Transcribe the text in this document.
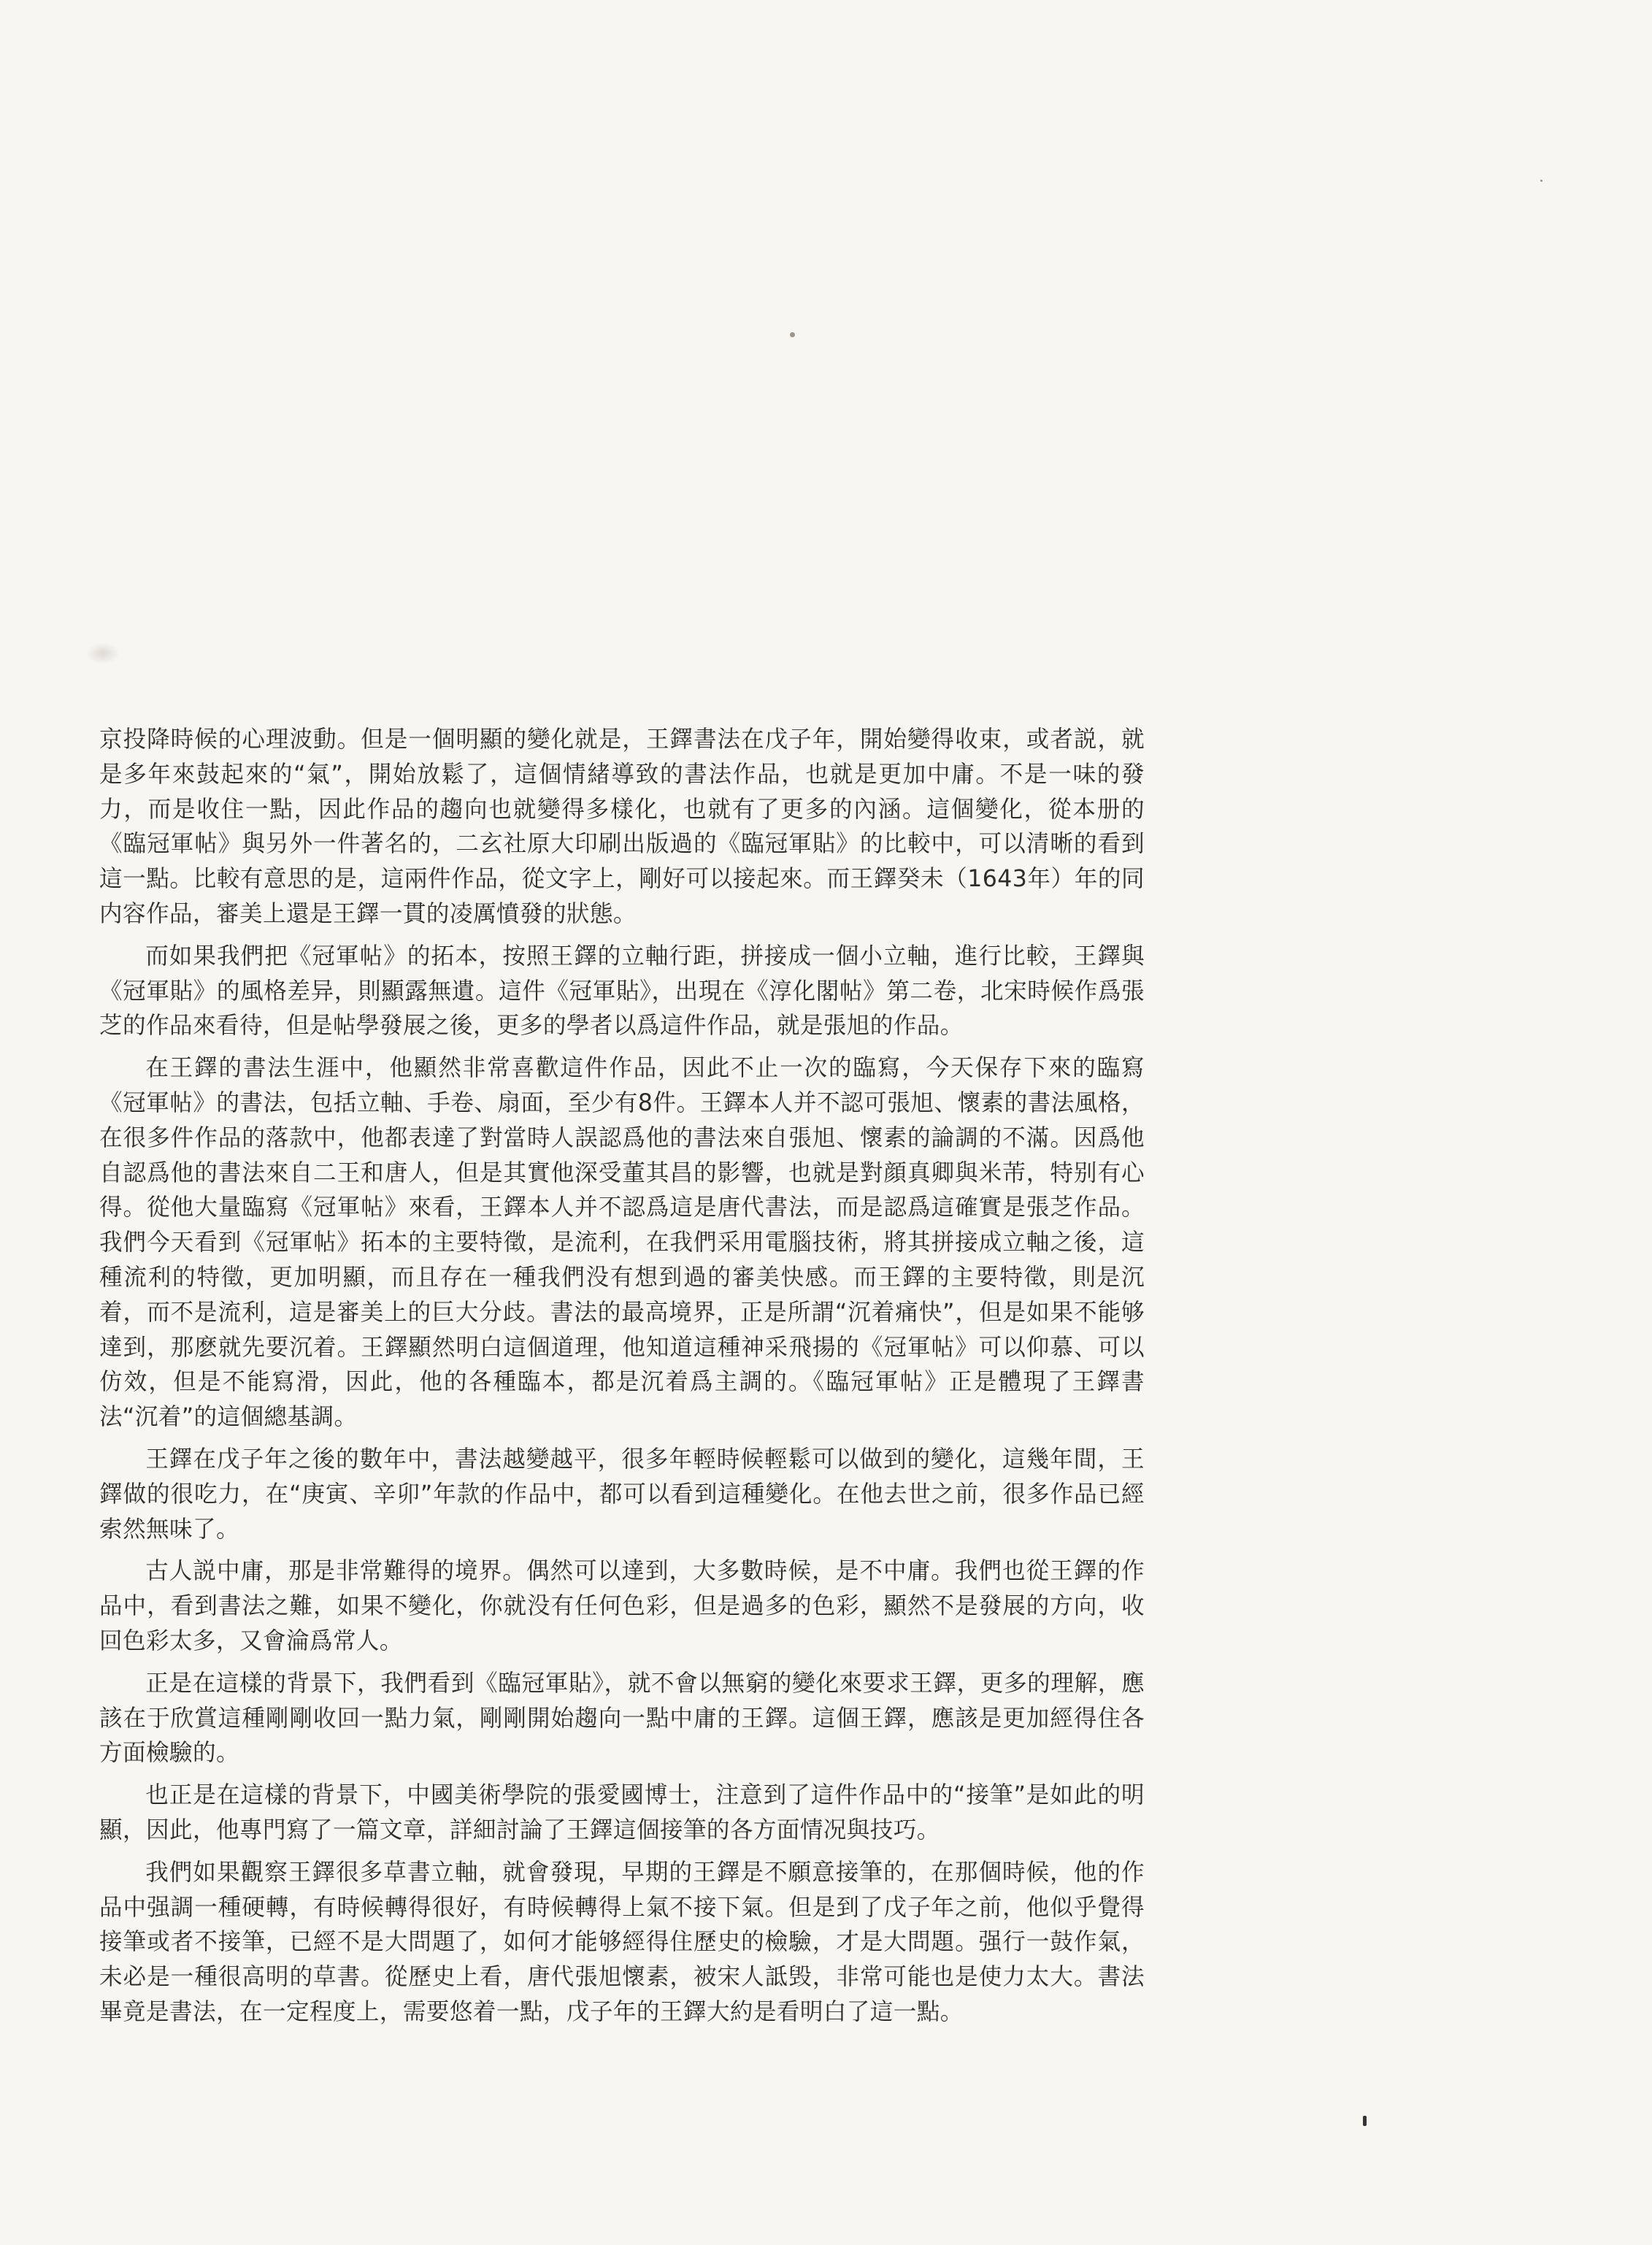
京投降時候的心理波動。但是一個明顯的變化就是，王鐸書法在戊子年，開始變得收束，或者説，就是多年來鼓起來的“氣”，開始放鬆了，這個情緒導致的書法作品，也就是更加中庸。不是一味的發力，而是收住一點，因此作品的趨向也就變得多樣化，也就有了更多的內涵。這個變化，從本册的《臨冠軍帖》與另外一件著名的，二玄社原大印刷出版過的《臨冠軍貼》的比較中，可以清晰的看到這一點。比較有意思的是，這兩件作品，從文字上，剛好可以接起來。而王鐸癸未（1643年）年的同内容作品，審美上還是王鐸一貫的凌厲憤發的狀態。

而如果我們把《冠軍帖》的拓本，按照王鐸的立軸行距，拼接成一個小立軸，進行比較，王鐸與《冠軍貼》的風格差异，則顯露無遺。這件《冠軍貼》，出現在《淳化閣帖》第二卷，北宋時候作爲張芝的作品來看待，但是帖學發展之後，更多的學者以爲這件作品，就是張旭的作品。

在王鐸的書法生涯中，他顯然非常喜歡這件作品，因此不止一次的臨寫，今天保存下來的臨寫《冠軍帖》的書法，包括立軸、手卷、扇面，至少有8件。王鐸本人并不認可張旭、懷素的書法風格，在很多件作品的落款中，他都表達了對當時人誤認爲他的書法來自張旭、懷素的論調的不滿。因爲他自認爲他的書法來自二王和唐人，但是其實他深受董其昌的影響，也就是對顔真卿與米芾，特别有心得。從他大量臨寫《冠軍帖》來看，王鐸本人并不認爲這是唐代書法，而是認爲這確實是張芝作品。我們今天看到《冠軍帖》拓本的主要特徵，是流利，在我們采用電腦技術，將其拼接成立軸之後，這種流利的特徵，更加明顯，而且存在一種我們没有想到過的審美快感。而王鐸的主要特徵，則是沉着，而不是流利，這是審美上的巨大分歧。書法的最高境界，正是所謂“沉着痛快”，但是如果不能够達到，那麽就先要沉着。王鐸顯然明白這個道理，他知道這種神采飛揚的《冠軍帖》可以仰慕、可以仿效，但是不能寫滑，因此，他的各種臨本，都是沉着爲主調的。《臨冠軍帖》正是體現了王鐸書法“沉着”的這個總基調。

王鐸在戊子年之後的數年中，書法越變越平，很多年輕時候輕鬆可以做到的變化，這幾年間，王鐸做的很吃力，在“庚寅、辛卯”年款的作品中，都可以看到這種變化。在他去世之前，很多作品已經索然無味了。

古人説中庸，那是非常難得的境界。偶然可以達到，大多數時候，是不中庸。我們也從王鐸的作品中，看到書法之難，如果不變化，你就没有任何色彩，但是過多的色彩，顯然不是發展的方向，收回色彩太多，又會淪爲常人。

正是在這樣的背景下，我們看到《臨冠軍貼》，就不會以無窮的變化來要求王鐸，更多的理解，應該在于欣賞這種剛剛收回一點力氣，剛剛開始趨向一點中庸的王鐸。這個王鐸，應該是更加經得住各方面檢驗的。

也正是在這樣的背景下，中國美術學院的張愛國博士，注意到了這件作品中的“接筆”是如此的明顯，因此，他專門寫了一篇文章，詳細討論了王鐸這個接筆的各方面情况與技巧。

我們如果觀察王鐸很多草書立軸，就會發現，早期的王鐸是不願意接筆的，在那個時候，他的作品中强調一種硬轉，有時候轉得很好，有時候轉得上氣不接下氣。但是到了戊子年之前，他似乎覺得接筆或者不接筆，已經不是大問題了，如何才能够經得住歷史的檢驗，才是大問題。强行一鼓作氣，未必是一種很高明的草書。從歷史上看，唐代張旭懷素，被宋人詆毁，非常可能也是使力太大。書法畢竟是書法，在一定程度上，需要悠着一點，戊子年的王鐸大約是看明白了這一點。
